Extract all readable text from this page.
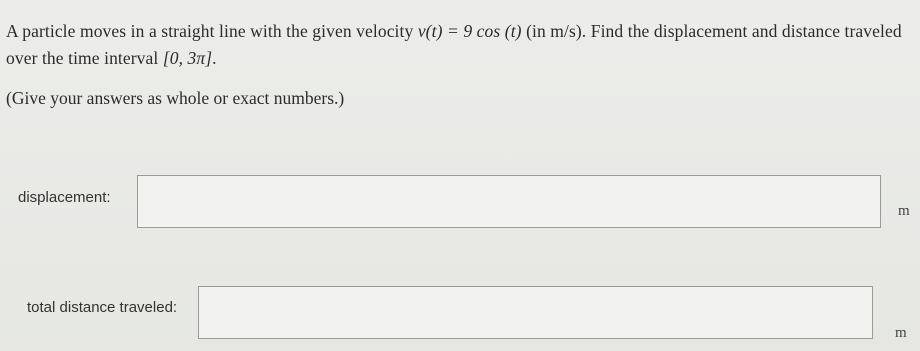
A particle moves in a straight line with the given velocity v(t) = 9 cos (t) (in m/s). Find the displacement and distance traveled
over the time interval [0, 3π].
(Give your answers as whole or exact numbers.)
displacement:
m
total distance traveled:
m
